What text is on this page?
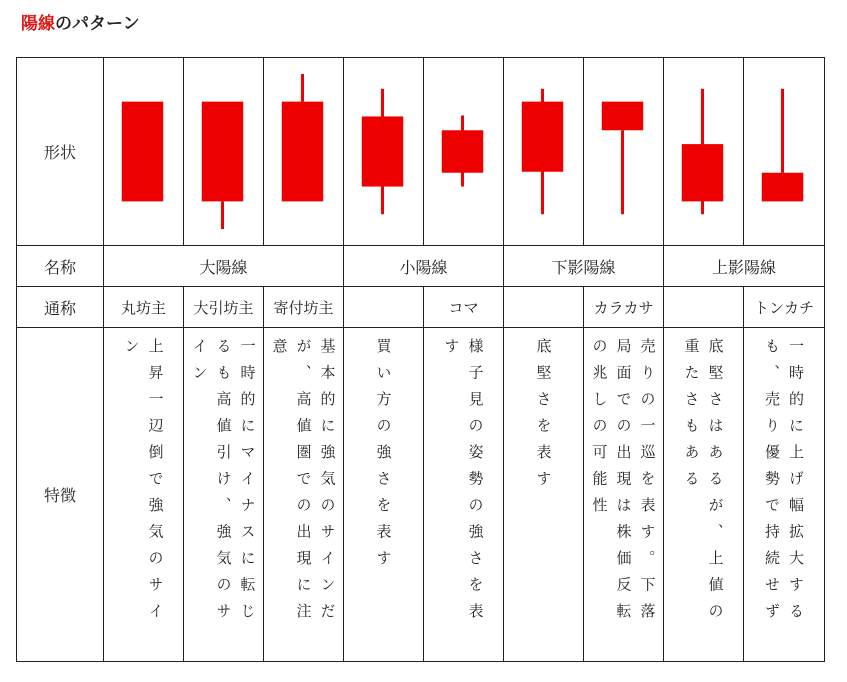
陽線のパターン
形状	

名称	大陽線			小陽線		下影陽線		上影陽線	
通称	丸坊主	大引坊主	寄付坊主		コマ		カラカサ		トンカチ
特徴	上昇一辺倒で強気のサイン	一時的にマイナスに転じるも高値引け、強気のサイン	基本的に強気のサインだが、高値圏での出現に注意	買い方の強さを表す	様子見の姿勢の強さを表す	底堅さを表す	売りの一巡を表す。下落局面での出現は株価反転の兆しの可能性	底堅さはあるが、上値の重たさもある	一時的に上げ幅拡大するも、売り優勢で持続せず
